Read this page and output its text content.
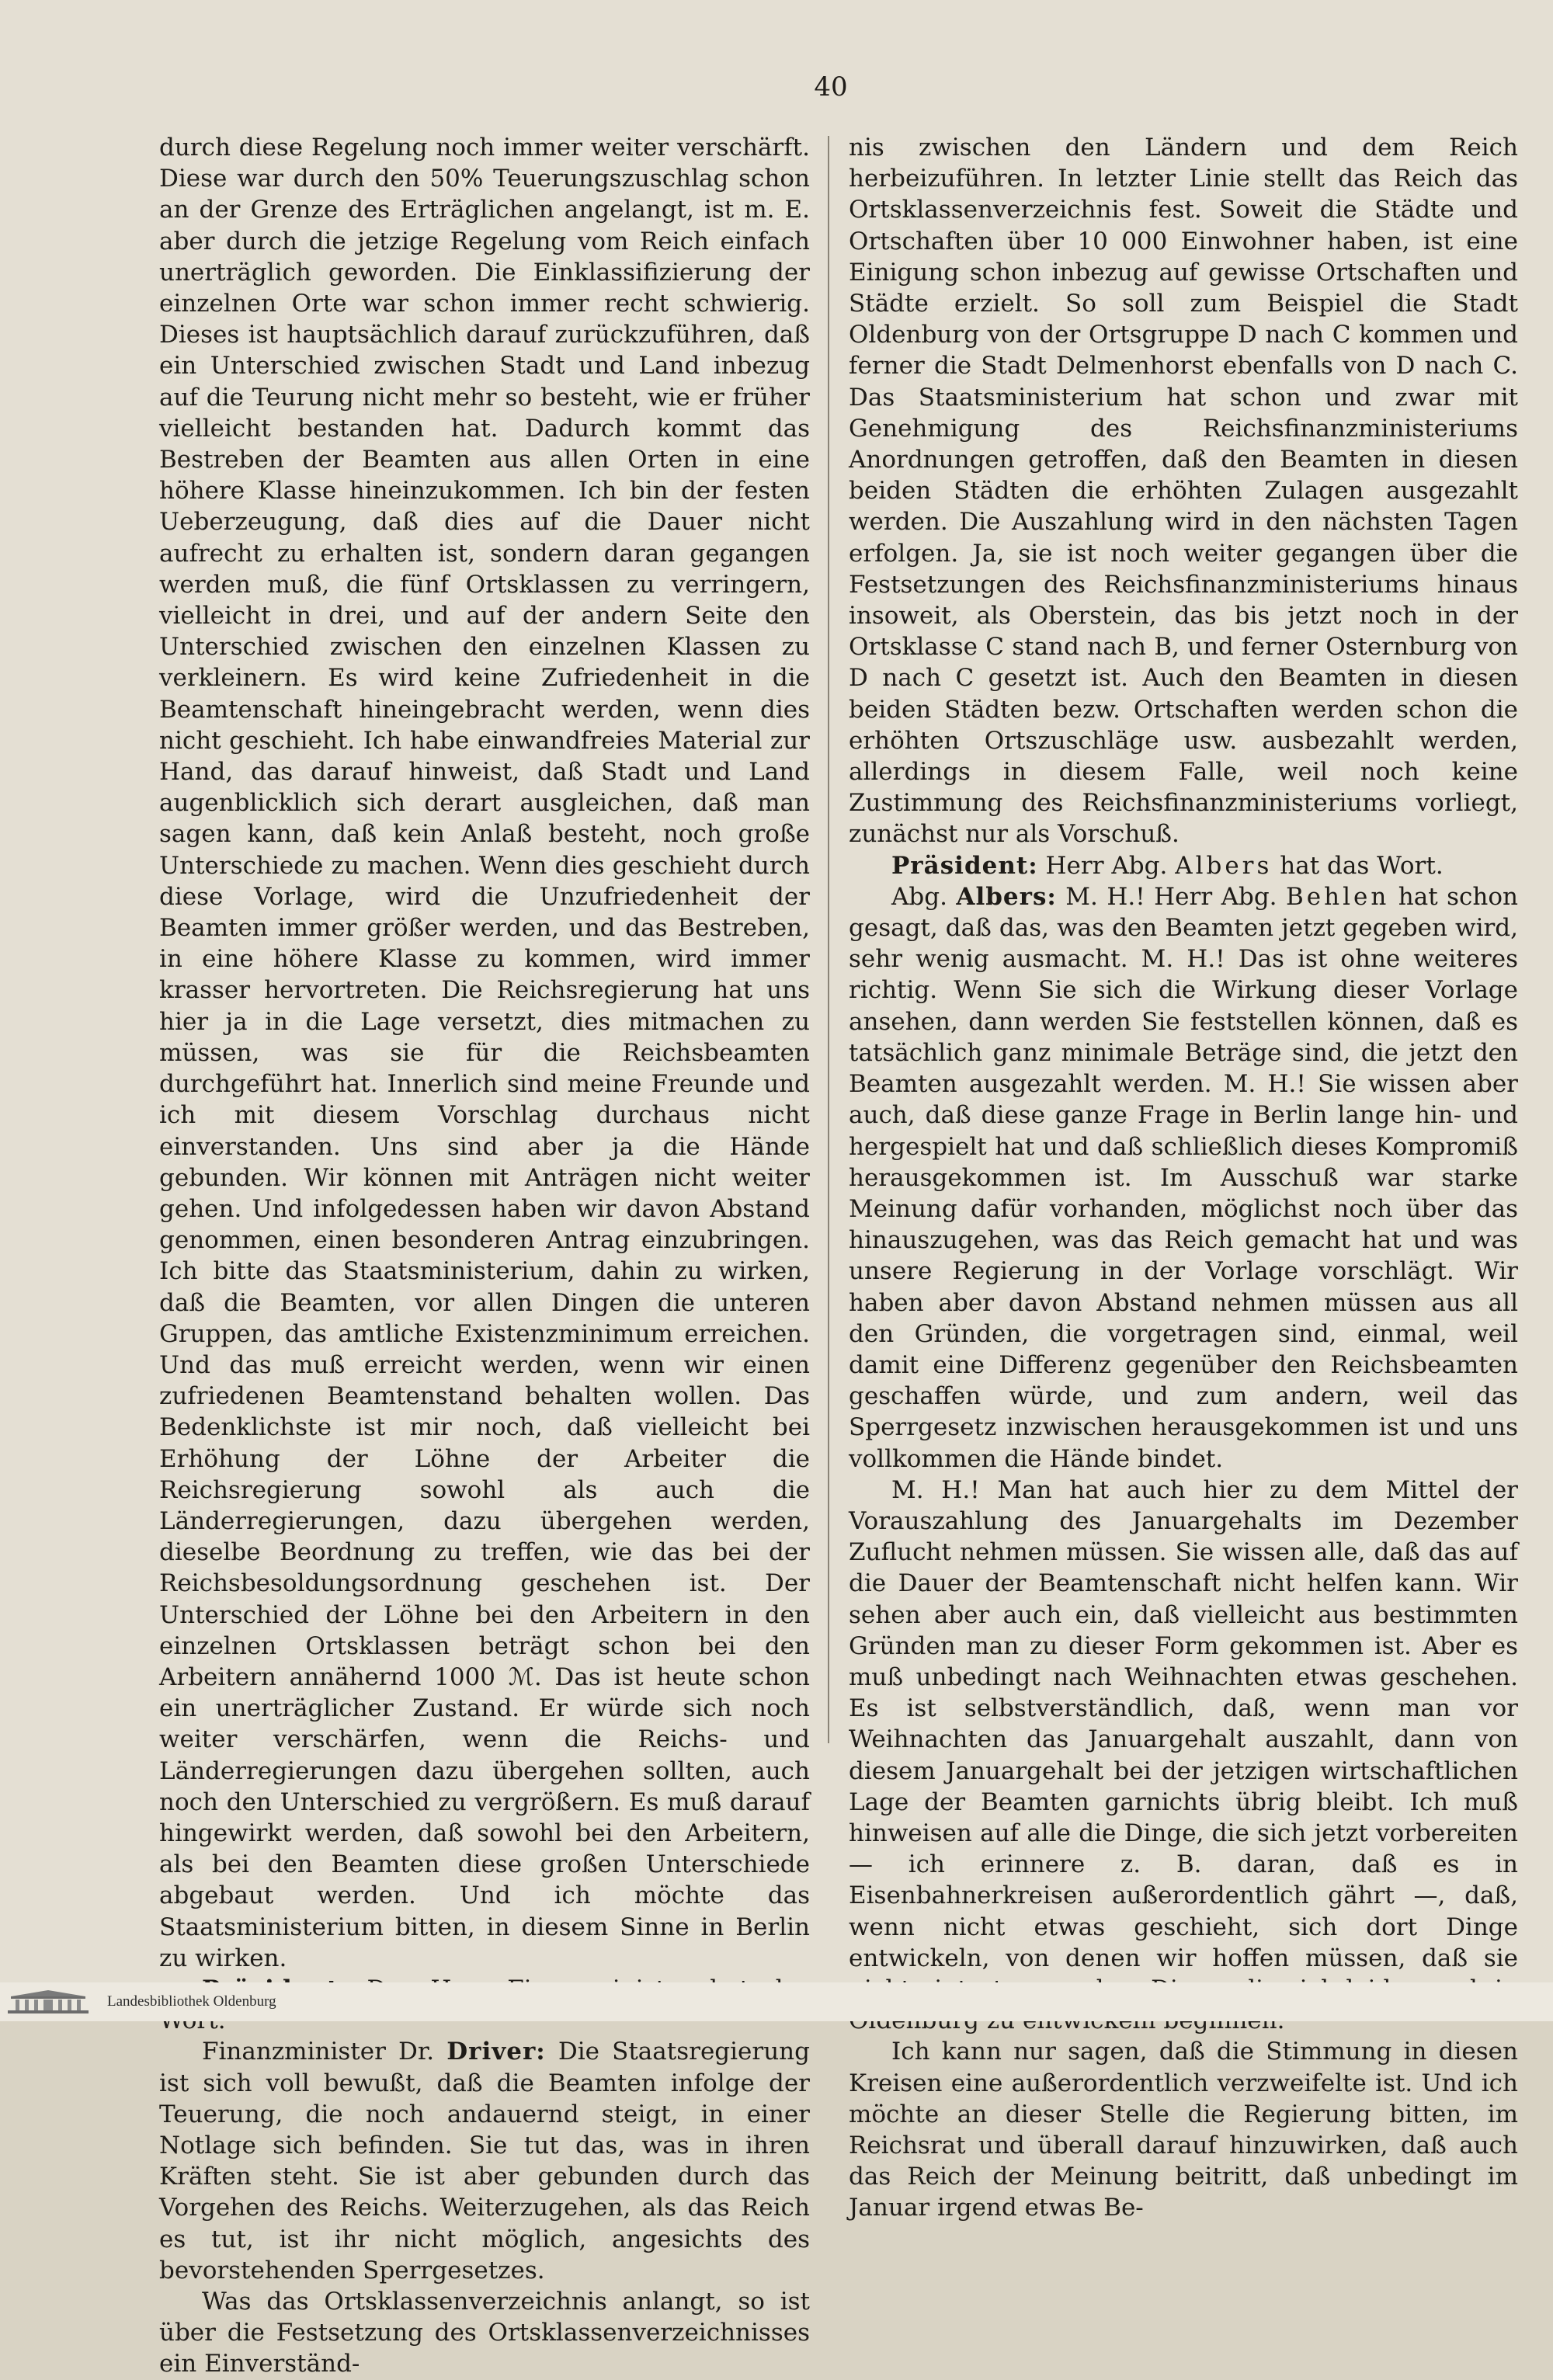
40

durch diese Regelung noch immer weiter verschärft. Diese war durch den 50% Teuerungszuschlag schon an der Grenze des Erträglichen angelangt, ist m. E. aber durch die jetzige Regelung vom Reich einfach unerträglich geworden. Die Einklassifizierung der einzelnen Orte war schon immer recht schwierig. Dieses ist hauptsächlich darauf zurückzuführen, daß ein Unterschied zwischen Stadt und Land inbezug auf die Teurung nicht mehr so besteht, wie er früher vielleicht bestanden hat. Dadurch kommt das Bestreben der Beamten aus allen Orten in eine höhere Klasse hineinzukommen. Ich bin der festen Ueberzeugung, daß dies auf die Dauer nicht aufrecht zu erhalten ist, sondern daran gegangen werden muß, die fünf Ortsklassen zu verringern, vielleicht in drei, und auf der andern Seite den Unterschied zwischen den einzelnen Klassen zu verkleinern. Es wird keine Zufriedenheit in die Beamtenschaft hineingebracht werden, wenn dies nicht geschieht. Ich habe einwandfreies Material zur Hand, das darauf hinweist, daß Stadt und Land augenblicklich sich derart ausgleichen, daß man sagen kann, daß kein Anlaß besteht, noch große Unterschiede zu machen. Wenn dies geschieht durch diese Vorlage, wird die Unzufriedenheit der Beamten immer größer werden, und das Bestreben, in eine höhere Klasse zu kommen, wird immer krasser hervortreten. Die Reichsregierung hat uns hier ja in die Lage versetzt, dies mitmachen zu müssen, was sie für die Reichsbeamten durchgeführt hat. Innerlich sind meine Freunde und ich mit diesem Vorschlag durchaus nicht einverstanden. Uns sind aber ja die Hände gebunden. Wir können mit Anträgen nicht weiter gehen. Und infolgedessen haben wir davon Abstand genommen, einen besonderen Antrag einzubringen. Ich bitte das Staatsministerium, dahin zu wirken, daß die Beamten, vor allen Dingen die unteren Gruppen, das amtliche Existenzminimum erreichen. Und das muß erreicht werden, wenn wir einen zufriedenen Beamtenstand behalten wollen. Das Bedenklichste ist mir noch, daß vielleicht bei Erhöhung der Löhne der Arbeiter die Reichsregierung sowohl als auch die Länderregierungen, dazu übergehen werden, dieselbe Beordnung zu treffen, wie das bei der Reichsbesoldungsordnung geschehen ist. Der Unterschied der Löhne bei den Arbeitern in den einzelnen Ortsklassen beträgt schon bei den Arbeitern annähernd 1000 ℳ. Das ist heute schon ein unerträglicher Zustand. Er würde sich noch weiter verschärfen, wenn die Reichs- und Länderregierungen dazu übergehen sollten, auch noch den Unterschied zu vergrößern. Es muß darauf hingewirkt werden, daß sowohl bei den Arbeitern, als bei den Beamten diese großen Unterschiede abgebaut werden. Und ich möchte das Staatsministerium bitten, in diesem Sinne in Berlin zu wirken.

Finanzminister Dr. Driver: Die Staatsregierung ist sich voll bewußt, daß die Beamten infolge der Teuerung, die noch andauernd steigt, in einer Notlage sich befinden. Sie tut das, was in ihren Kräften steht. Sie ist aber gebunden durch das Vorgehen des Reichs. Weiterzugehen, als das Reich es tut, ist ihr nicht möglich, angesichts des bevorstehenden Sperrgesetzes.

Was das Ortsklassenverzeichnis anlangt, so ist über die Festsetzung des Ortsklassenverzeichnisses ein Einverständ-

nis zwischen den Ländern und dem Reich herbeizuführen. In letzter Linie stellt das Reich das Ortsklassenverzeichnis fest. Soweit die Städte und Ortschaften über 10 000 Einwohner haben, ist eine Einigung schon inbezug auf gewisse Ortschaften und Städte erzielt. So soll zum Beispiel die Stadt Oldenburg von der Ortsgruppe D nach C kommen und ferner die Stadt Delmenhorst ebenfalls von D nach C. Das Staatsministerium hat schon und zwar mit Genehmigung des Reichsfinanzministeriums Anordnungen getroffen, daß den Beamten in diesen beiden Städten die erhöhten Zulagen ausgezahlt werden. Die Auszahlung wird in den nächsten Tagen erfolgen. Ja, sie ist noch weiter gegangen über die Festsetzungen des Reichsfinanzministeriums hinaus insoweit, als Oberstein, das bis jetzt noch in der Ortsklasse C stand nach B, und ferner Osternburg von D nach C gesetzt ist. Auch den Beamten in diesen beiden Städten bezw. Ortschaften werden schon die erhöhten Ortszuschläge usw. ausbezahlt werden, allerdings in diesem Falle, weil noch keine Zustimmung des Reichsfinanzministeriums vorliegt, zunächst nur als Vorschuß.

Präsident: Herr Abg. Albers hat das Wort.

Abg. Albers: M. H.! Herr Abg. Behlen hat schon gesagt, daß das, was den Beamten jetzt gegeben wird, sehr wenig ausmacht. M. H.! Das ist ohne weiteres richtig. Wenn Sie sich die Wirkung dieser Vorlage ansehen, dann werden Sie feststellen können, daß es tatsächlich ganz minimale Beträge sind, die jetzt den Beamten ausgezahlt werden. M. H.! Sie wissen aber auch, daß diese ganze Frage in Berlin lange hin- und hergespielt hat und daß schließlich dieses Kompromiß herausgekommen ist. Im Ausschuß war starke Meinung dafür vorhanden, möglichst noch über das hinauszugehen, was das Reich gemacht hat und was unsere Regierung in der Vorlage vorschlägt. Wir haben aber davon Abstand nehmen müssen aus all den Gründen, die vorgetragen sind, einmal, weil damit eine Differenz gegenüber den Reichsbeamten geschaffen würde, und zum andern, weil das Sperrgesetz inzwischen herausgekommen ist und uns vollkommen die Hände bindet.

M. H.! Man hat auch hier zu dem Mittel der Vorauszahlung des Januargehalts im Dezember Zuflucht nehmen müssen. Sie wissen alle, daß das auf die Dauer der Beamtenschaft nicht helfen kann. Wir sehen aber auch ein, daß vielleicht aus bestimmten Gründen man zu dieser Form gekommen ist. Aber es muß unbedingt nach Weihnachten etwas geschehen. Es ist selbstverständlich, daß, wenn man vor Weihnachten das Januargehalt auszahlt, dann von diesem Januargehalt bei der jetzigen wirtschaftlichen Lage der Beamten garnichts übrig bleibt. Ich muß hinweisen auf alle die Dinge, die sich jetzt vorbereiten — ich erinnere z. B. daran, daß es in Eisenbahnerkreisen außerordentlich gährt —, daß, wenn nicht etwas geschieht, sich dort Dinge entwickeln, von denen wir hoffen müssen, daß sie

Ich kann nur sagen, daß die Stimmung in diesen Kreisen eine außerordentlich verzweifelte ist. Und ich möchte an dieser Stelle die Regierung bitten, im Reichsrat und überall darauf hinzuwirken, daß auch das Reich der Meinung beitritt, daß unbedingt im Januar irgend etwas Be-

Landesbibliothek Oldenburg
